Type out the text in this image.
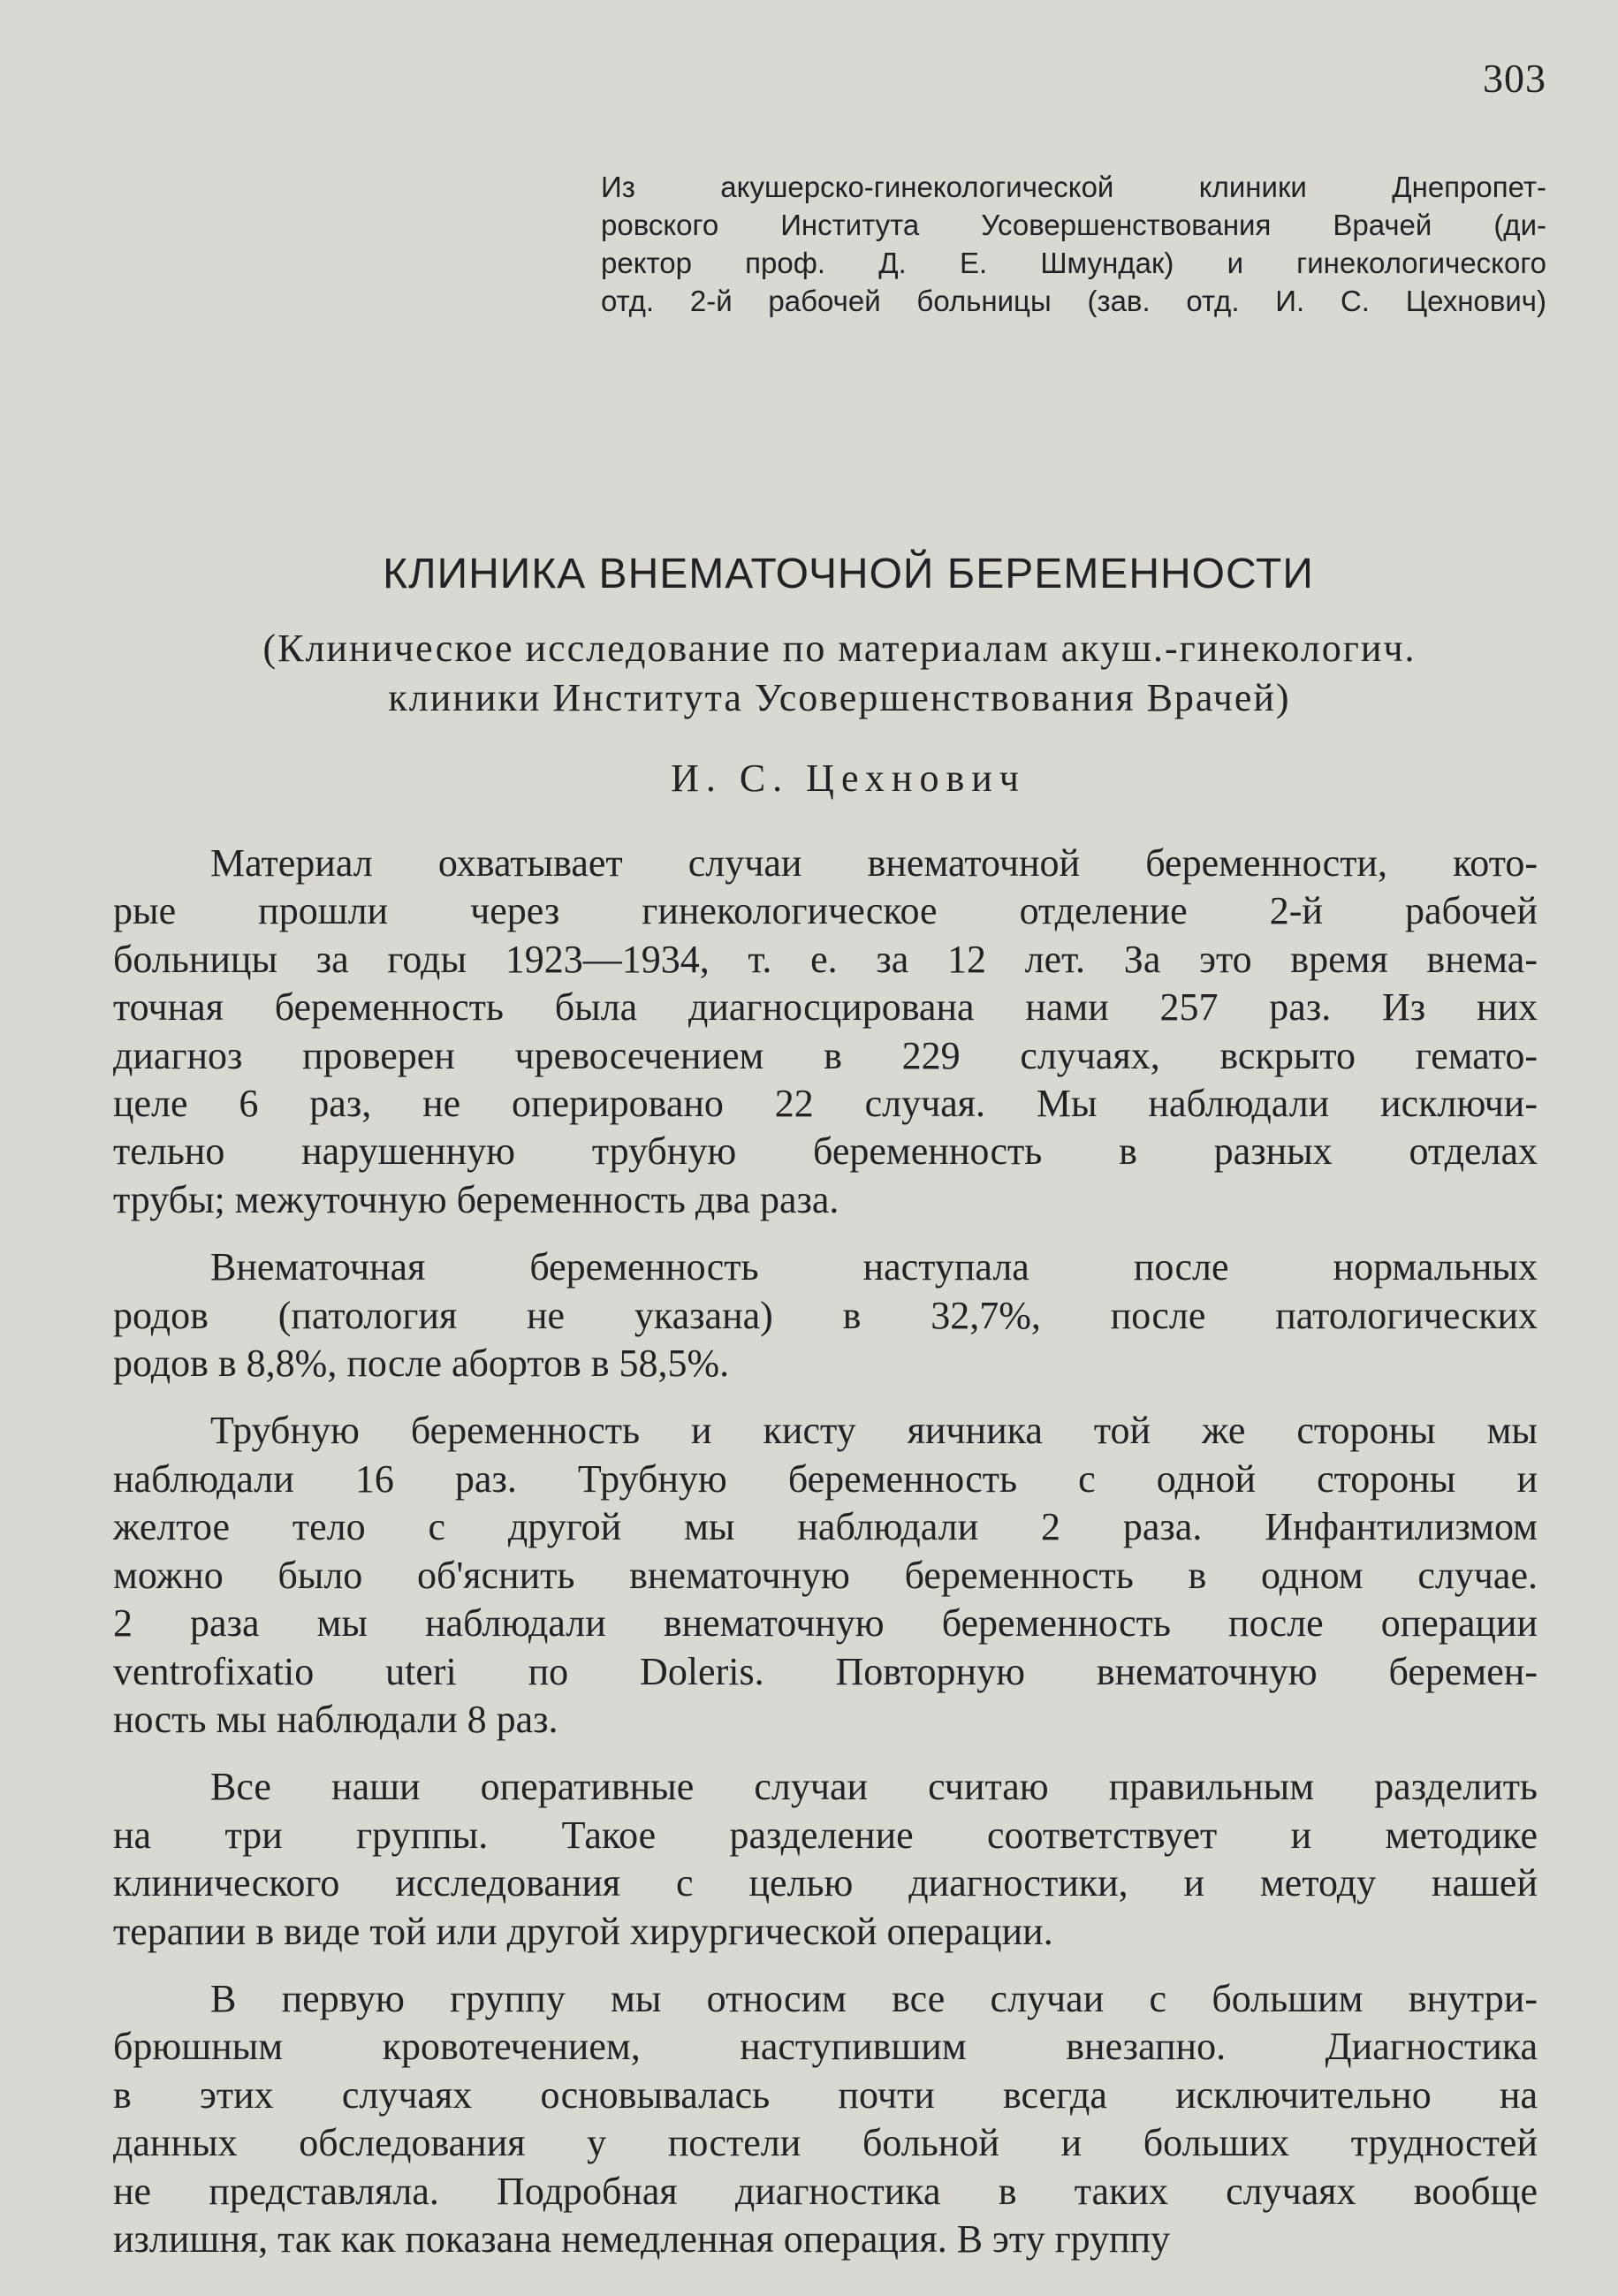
303
Из акушерско-гинекологической клиники Днепропет-
ровского Института Усовершенствования Врачей (ди-
ректор проф. Д. Е. Шмундак) и гинекологического
отд. 2-й рабочей больницы (зав. отд. И. С. Цехнович)
КЛИНИКА ВНЕМАТОЧНОЙ БЕРЕМЕННОСТИ
(Клиническое исследование по материалам акуш.-гинекологич.
клиники Института Усовершенствования Врачей)
И. С. Цехнович
Материал охватывает случаи внематочной беременности, кото-
рые прошли через гинекологическое отделение 2-й рабочей
больницы за годы 1923—1934, т. е. за 12 лет. За это время внема-
точная беременность была диагносцирована нами 257 раз. Из них
диагноз проверен чревосечением в 229 случаях, вскрыто гемато-
целе 6 раз, не оперировано 22 случая. Мы наблюдали исключи-
тельно нарушенную трубную беременность в разных отделах
трубы; межуточную беременность два раза.
Внематочная беременность наступала после нормальных
родов (патология не указана) в 32,7%, после патологических
родов в 8,8%, после абортов в 58,5%.
Трубную беременность и кисту яичника той же стороны мы
наблюдали 16 раз. Трубную беременность с одной стороны и
желтое тело с другой мы наблюдали 2 раза. Инфантилизмом
можно было об'яснить внематочную беременность в одном случае.
2 раза мы наблюдали внематочную беременность после операции
ventrofixatio uteri по Doleris. Повторную внематочную беремен-
ность мы наблюдали 8 раз.
Все наши оперативные случаи считаю правильным разделить
на три группы. Такое разделение соответствует и методике
клинического исследования с целью диагностики, и методу нашей
терапии в виде той или другой хирургической операции.
В первую группу мы относим все случаи с большим внутри-
брюшным кровотечением, наступившим внезапно. Диагностика
в этих случаях основывалась почти всегда исключительно на
данных обследования у постели больной и больших трудностей
не представляла. Подробная диагностика в таких случаях вообще
излишня, так как показана немедленная операция. В эту группу
